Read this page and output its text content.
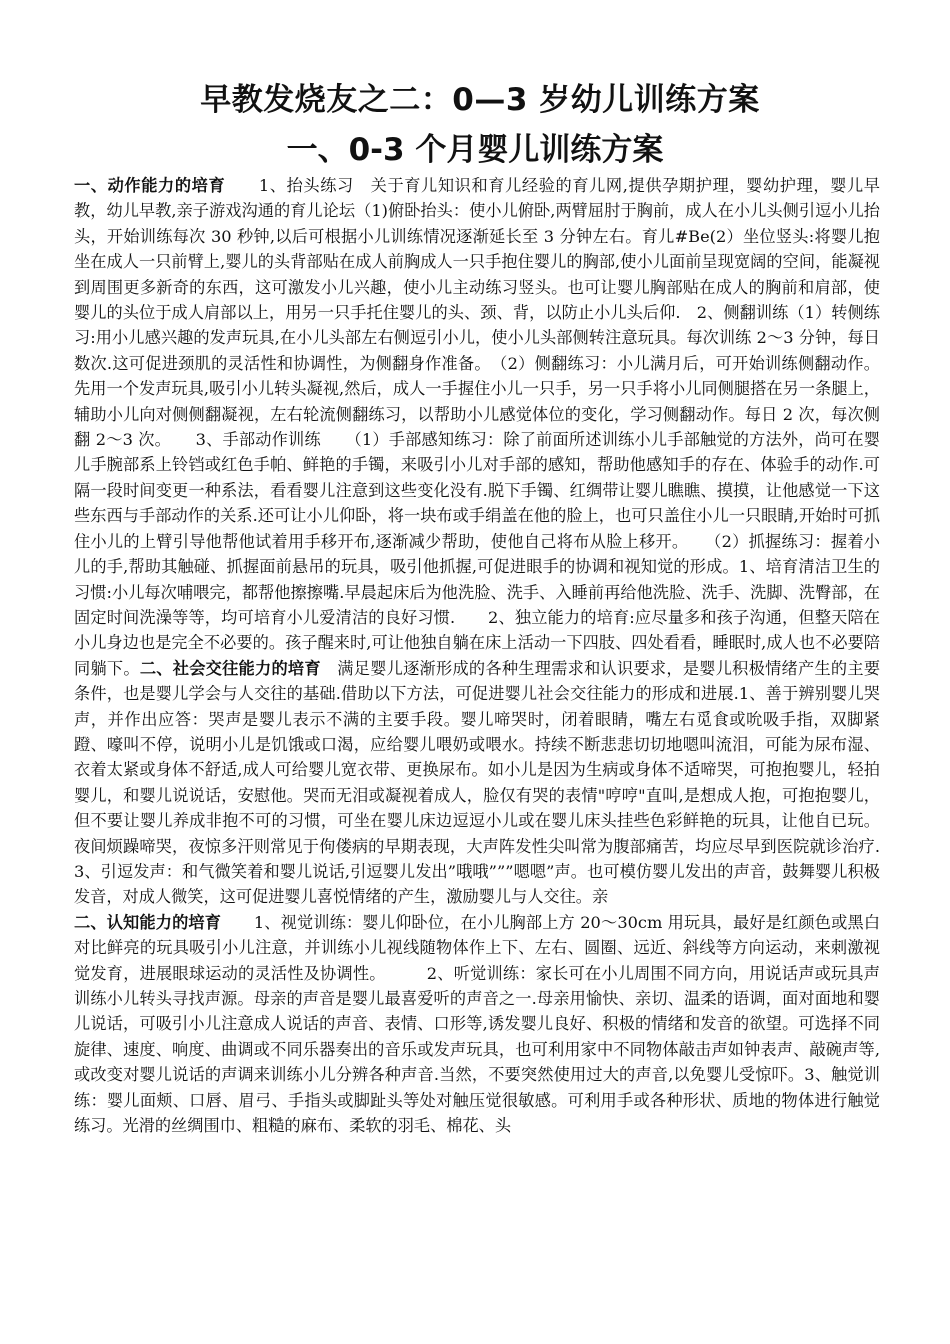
早教发烧友之二：0—3 岁幼儿训练方案
一、0-3 个月婴儿训练方案

一、动作能力的培育　　1、抬头练习　关于育儿知识和育儿经验的育儿网,提供孕期护理，婴幼护理，婴儿早教，幼儿早教,亲子游戏沟通的育儿论坛（1)俯卧抬头：使小儿俯卧,两臂屈肘于胸前，成人在小儿头侧引逗小儿抬头，开始训练每次 30 秒钟,以后可根据小儿训练情况逐渐延长至 3 分钟左右。育儿#Be(2）坐位竖头:将婴儿抱坐在成人一只前臂上,婴儿的头背部贴在成人前胸成人一只手抱住婴儿的胸部,使小儿面前呈现宽阔的空间，能凝视到周围更多新奇的东西，这可激发小儿兴趣，使小儿主动练习竖头。也可让婴儿胸部贴在成人的胸前和肩部，使婴儿的头位于成人肩部以上，用另一只手托住婴儿的头、颈、背，以防止小儿头后仰.　2、侧翻训练（1）转侧练习:用小儿感兴趣的发声玩具,在小儿头部左右侧逗引小儿，使小儿头部侧转注意玩具。每次训练 2～3 分钟，每日数次.这可促进颈肌的灵活性和协调性，为侧翻身作准备。　（2）侧翻练习：小儿满月后，可开始训练侧翻动作。先用一个发声玩具,吸引小儿转头凝视,然后，成人一手握住小儿一只手，另一只手将小儿同侧腿搭在另一条腿上，辅助小儿向对侧侧翻凝视，左右轮流侧翻练习，以帮助小儿感觉体位的变化，学习侧翻动作。每日 2 次，每次侧翻 2～3 次。　　3、手部动作训练　　（1）手部感知练习：除了前面所述训练小儿手部触觉的方法外，尚可在婴儿手腕部系上铃铛或红色手帕、鲜艳的手镯，来吸引小儿对手部的感知，帮助他感知手的存在、体验手的动作.可隔一段时间变更一种系法，看看婴儿注意到这些变化没有.脱下手镯、红绸带让婴儿瞧瞧、摸摸，让他感觉一下这些东西与手部动作的关系.还可让小儿仰卧，将一块布或手绢盖在他的脸上，也可只盖住小儿一只眼睛,开始时可抓住小儿的上臂引导他帮他试着用手移开布,逐渐减少帮助，使他自己将布从脸上移开。　　（2）抓握练习：握着小儿的手,帮助其触碰、抓握面前悬吊的玩具，吸引他抓握,可促进眼手的协调和视知觉的形成。1、培育清洁卫生的习惯:小儿每次哺喂完，都帮他擦擦嘴.早晨起床后为他洗脸、洗手、入睡前再给他洗脸、洗手、洗脚、洗臀部，在固定时间洗澡等等，均可培育小儿爱清洁的良好习惯.　　2、独立能力的培育:应尽量多和孩子沟通，但整天陪在小儿身边也是完全不必要的。孩子醒来时,可让他独自躺在床上活动一下四肢、四处看看，睡眠时,成人也不必要陪同躺下。二、社会交往能力的培育　满足婴儿逐渐形成的各种生理需求和认识要求，是婴儿积极情绪产生的主要条件，也是婴儿学会与人交往的基础.借助以下方法，可促进婴儿社会交往能力的形成和进展.1、善于辨别婴儿哭声，并作出应答：哭声是婴儿表示不满的主要手段。婴儿啼哭时，闭着眼睛，嘴左右觅食或吮吸手指，双脚紧蹬、嚎叫不停，说明小儿是饥饿或口渴，应给婴儿喂奶或喂水。持续不断悲悲切切地嗯叫流泪，可能为尿布湿、衣着太紧或身体不舒适,成人可给婴儿宽衣带、更换尿布。如小儿是因为生病或身体不适啼哭，可抱抱婴儿，轻拍婴儿，和婴儿说说话，安慰他。哭而无泪或凝视着成人，脸仅有哭的表情"哼哼"直叫,是想成人抱，可抱抱婴儿，但不要让婴儿养成非抱不可的习惯，可坐在婴儿床边逗逗小儿或在婴儿床头挂些色彩鲜艳的玩具，让他自已玩。夜间烦躁啼哭，夜惊多汗则常见于佝偻病的早期表现，大声阵发性尖叫常为腹部痛苦，均应尽早到医院就诊治疗.　　　3、引逗发声：和气微笑着和婴儿说话,引逗婴儿发出”哦哦”””嗯嗯”声。也可模仿婴儿发出的声音，鼓舞婴儿积极发音，对成人微笑，这可促进婴儿喜悦情绪的产生，激励婴儿与人交往。亲

二、认知能力的培育　　1、视觉训练：婴儿仰卧位，在小儿胸部上方 20～30cm 用玩具，最好是红颜色或黑白对比鲜亮的玩具吸引小儿注意，并训练小儿视线随物体作上下、左右、圆圈、远近、斜线等方向运动，来刺激视觉发育，进展眼球运动的灵活性及协调性。　　　2、听觉训练：家长可在小儿周围不同方向，用说话声或玩具声训练小儿转头寻找声源。母亲的声音是婴儿最喜爱听的声音之一.母亲用愉快、亲切、温柔的语调，面对面地和婴儿说话，可吸引小儿注意成人说话的声音、表情、口形等,诱发婴儿良好、积极的情绪和发音的欲望。可选择不同旋律、速度、响度、曲调或不同乐器奏出的音乐或发声玩具，也可利用家中不同物体敲击声如钟表声、敲碗声等,或改变对婴儿说话的声调来训练小儿分辨各种声音.当然，不要突然使用过大的声音,以免婴儿受惊吓。3、触觉训练：婴儿面颊、口唇、眉弓、手指头或脚趾头等处对触压觉很敏感。可利用手或各种形状、质地的物体进行触觉练习。光滑的丝绸围巾、粗糙的麻布、柔软的羽毛、棉花、头
